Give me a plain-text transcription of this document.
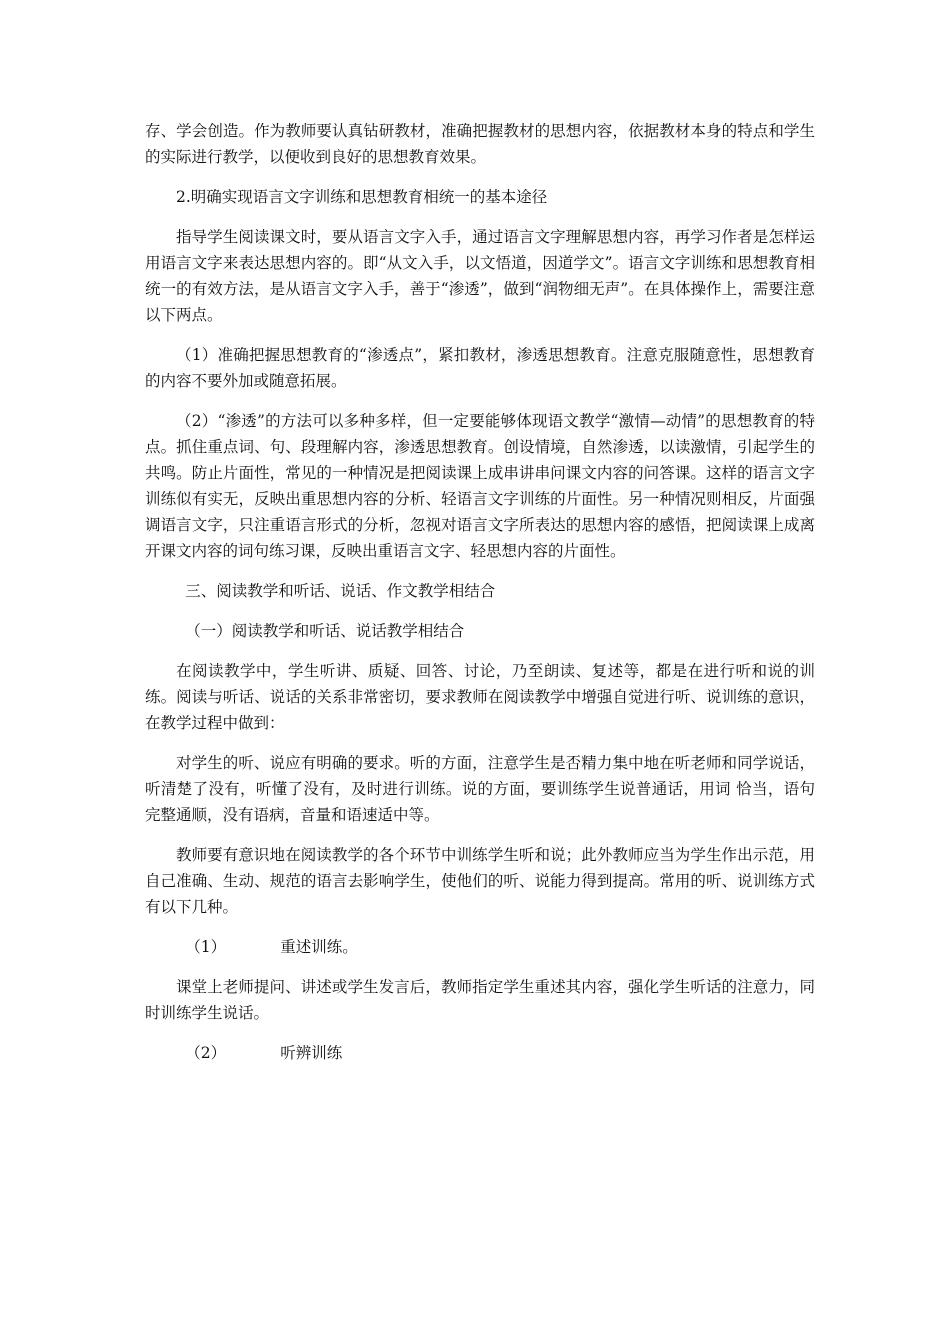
存、学会创造。作为教师要认真钻研教材，准确把握教材的思想内容，依据教材本身的特点和学生的实际进行教学，以便收到良好的思想教育效果。

2.明确实现语言文字训练和思想教育相统一的基本途径

指导学生阅读课文时，要从语言文字入手，通过语言文字理解思想内容，再学习作者是怎样运用语言文字来表达思想内容的。即“从文入手，以文悟道，因道学文”。语言文字训练和思想教育相统一的有效方法，是从语言文字入手，善于“渗透”，做到“润物细无声”。在具体操作上，需要注意以下两点。

（1）准确把握思想教育的“渗透点”，紧扣教材，渗透思想教育。注意克服随意性，思想教育的内容不要外加或随意拓展。

（2）“渗透”的方法可以多种多样，但一定要能够体现语文教学“激情—动情”的思想教育的特点。抓住重点词、句、段理解内容，渗透思想教育。创设情境，自然渗透，以读激情，引起学生的共鸣。防止片面性，常见的一种情况是把阅读课上成串讲串问课文内容的问答课。这样的语言文字训练似有实无，反映出重思想内容的分析、轻语言文字训练的片面性。另一种情况则相反，片面强调语言文字，只注重语言形式的分析，忽视对语言文字所表达的思想内容的感悟，把阅读课上成离开课文内容的词句练习课，反映出重语言文字、轻思想内容的片面性。

三、阅读教学和听话、说话、作文教学相结合

（一）阅读教学和听话、说话教学相结合

在阅读教学中，学生听讲、质疑、回答、讨论，乃至朗读、复述等，都是在进行听和说的训练。阅读与听话、说话的关系非常密切，要求教师在阅读教学中增强自觉进行听、说训练的意识，在教学过程中做到：

对学生的听、说应有明确的要求。听的方面，注意学生是否精力集中地在听老师和同学说话，听清楚了没有，听懂了没有，及时进行训练。说的方面，要训练学生说普通话，用词 恰当，语句完整通顺，没有语病，音量和语速适中等。

教师要有意识地在阅读教学的各个环节中训练学生听和说；此外教师应当为学生作出示范，用自己准确、生动、规范的语言去影响学生，使他们的听、说能力得到提高。常用的听、说训练方式有以下几种。

（1）	重述训练。

课堂上老师提问、讲述或学生发言后，教师指定学生重述其内容，强化学生听话的注意力，同时训练学生说话。

（2）	听辨训练
